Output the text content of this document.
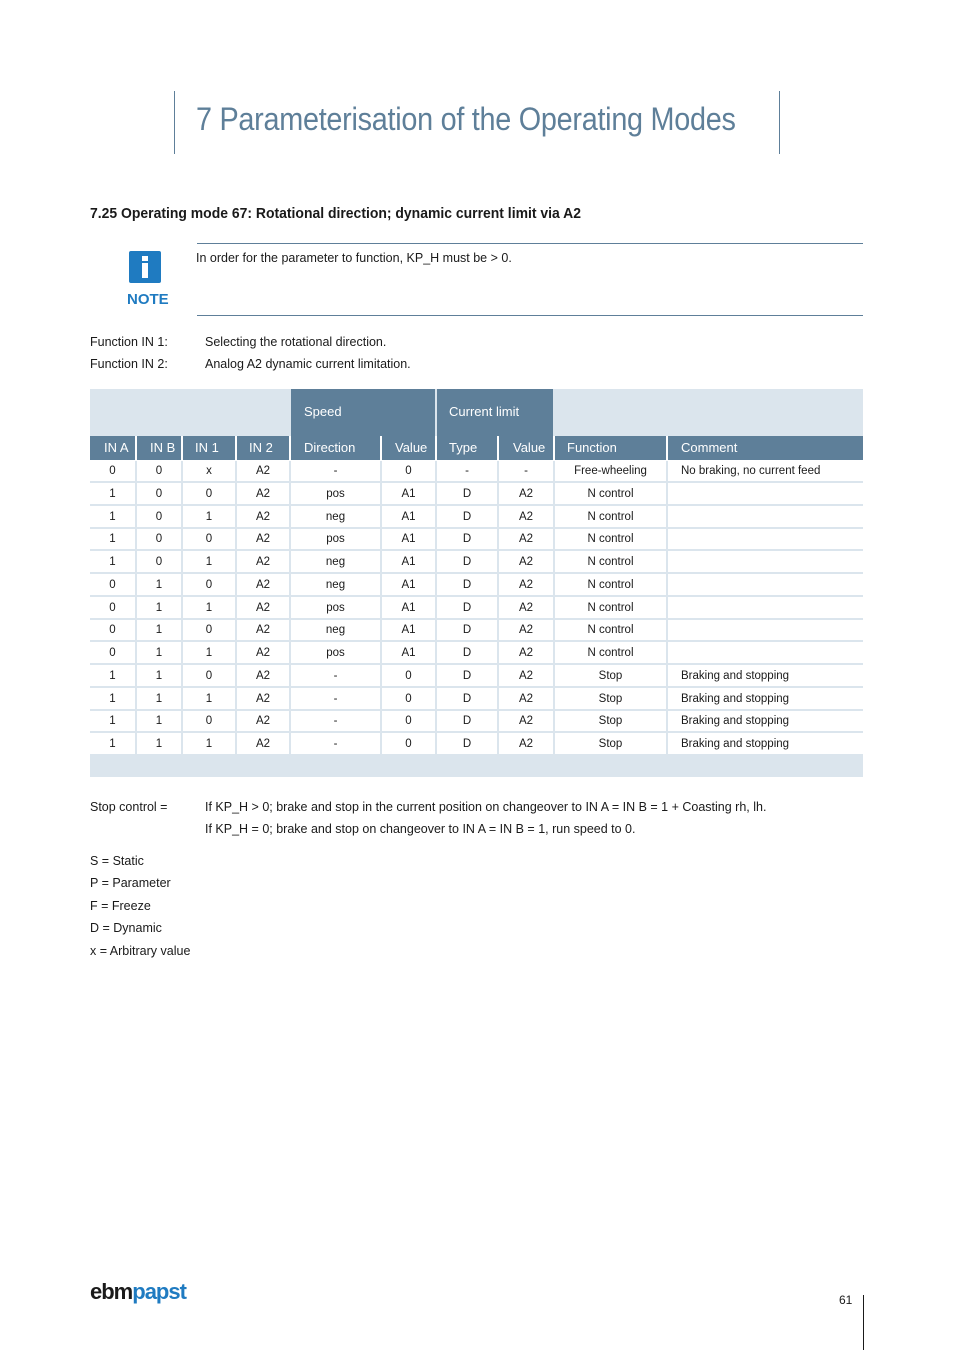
7 Parameterisation of the Operating Modes
7.25 Operating mode 67: Rotational direction; dynamic current limit via A2
NOTE
In order for the parameter to function, KP_H must be > 0.
Function IN 1:	Selecting the rotational direction.
Function IN 2:	Analog A2 dynamic current limitation.
Speed	Current limit
IN A	IN B	IN 1	IN 2	Direction	Value	Type	Value	Function	Comment
0	0	x	A2	-	0	-	-	Free-wheeling	No braking, no current feed
1	0	0	A2	pos	A1	D	A2	N control
1	0	1	A2	neg	A1	D	A2	N control
1	0	0	A2	pos	A1	D	A2	N control
1	0	1	A2	neg	A1	D	A2	N control
0	1	0	A2	neg	A1	D	A2	N control
0	1	1	A2	pos	A1	D	A2	N control
0	1	0	A2	neg	A1	D	A2	N control
0	1	1	A2	pos	A1	D	A2	N control
1	1	0	A2	-	0	D	A2	Stop	Braking and stopping
1	1	1	A2	-	0	D	A2	Stop	Braking and stopping
1	1	0	A2	-	0	D	A2	Stop	Braking and stopping
1	1	1	A2	-	0	D	A2	Stop	Braking and stopping
Stop control =	If KP_H > 0; brake and stop in the current position on changeover to IN A = IN B = 1 + Coasting rh, lh.
If KP_H = 0; brake and stop on changeover to IN A = IN B = 1, run speed to 0.
S = Static
P = Parameter
F = Freeze
D = Dynamic
x = Arbitrary value
ebmpapst	61
